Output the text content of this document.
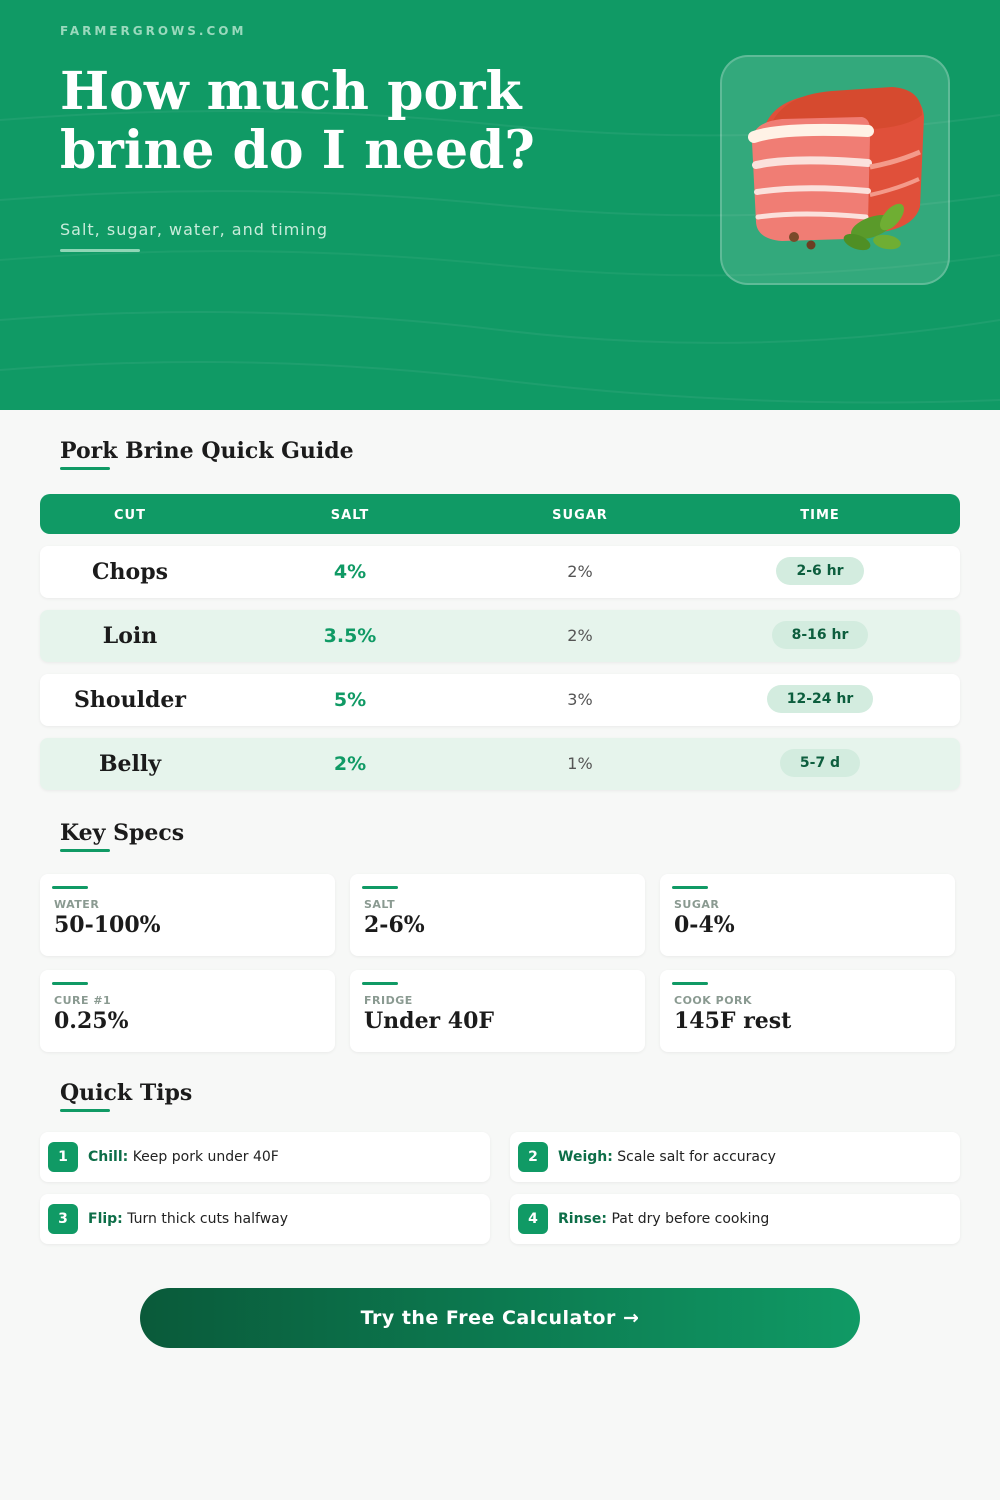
FARMERGROWS.COM
How much pork
brine do I need?
Salt, sugar, water, and timing
Pork Brine Quick Guide
CUT	SALT	SUGAR	TIME
Chops	4%	2%	2-6 hr
Loin	3.5%	2%	8-16 hr
Shoulder	5%	3%	12-24 hr
Belly	2%	1%	5-7 d
Key Specs
WATER
50-100%
SALT
2-6%
SUGAR
0-4%
CURE #1
0.25%
FRIDGE
Under 40F
COOK PORK
145F rest
Quick Tips
1	Chill: Keep pork under 40F	2	Weigh: Scale salt for accuracy
3	Flip: Turn thick cuts halfway	4	Rinse: Pat dry before cooking
Try the Free Calculator →
